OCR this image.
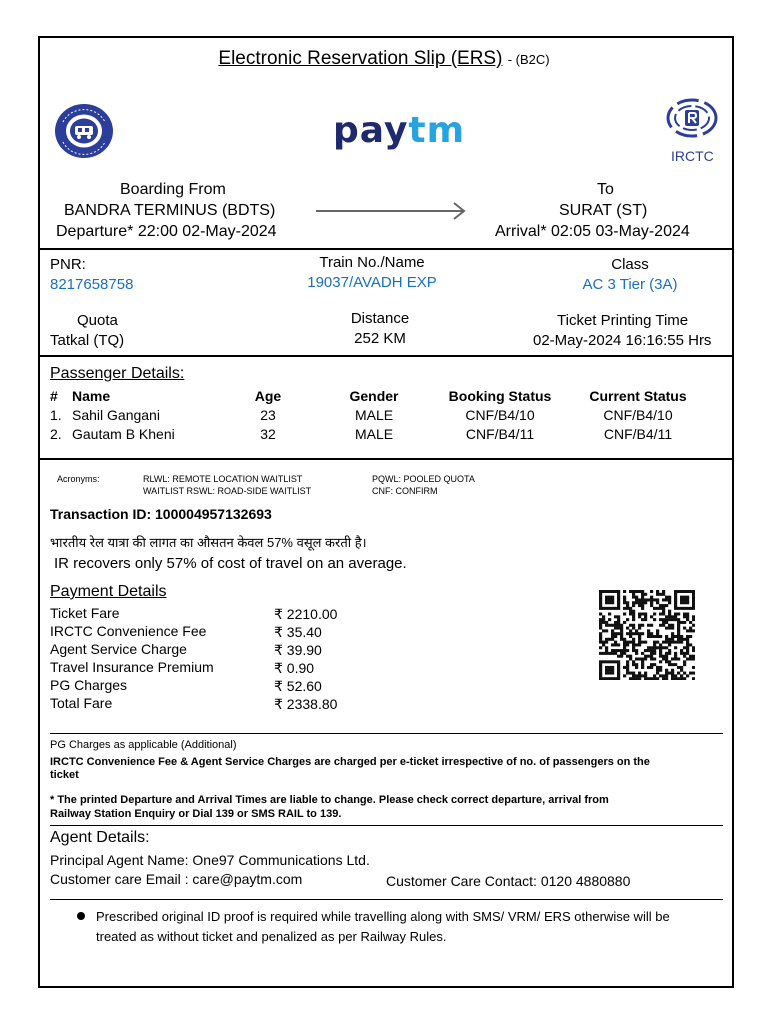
Electronic Reservation Slip (ERS) - (B2C)
paytm
IRCTC
Boarding From
BANDRA TERMINUS (BDTS)
Departure* 22:00 02-May-2024
To
SURAT (ST)
Arrival* 02:05 03-May-2024
PNR:
8217658758
Train No./Name
19037/AVADH EXP
Class
AC 3 Tier (3A)
Quota
Tatkal (TQ)
Distance
252 KM
Ticket Printing Time
02-May-2024 16:16:55 Hrs
Passenger Details:
#	Name	Age	Gender	Booking Status	Current Status
1.	Sahil Gangani	23	MALE	CNF/B4/10	CNF/B4/10
2.	Gautam B Kheni	32	MALE	CNF/B4/11	CNF/B4/11
Acronyms:	RLWL: REMOTE LOCATION WAITLIST
WAITLIST RSWL: ROAD-SIDE WAITLIST
PQWL: POOLED QUOTA
CNF: CONFIRM
Transaction ID: 100004957132693
भारतीय रेल यात्रा की लागत का औसतन केवल 57% वसूल करती है।
IR recovers only 57% of cost of travel on an average.
Payment Details
Ticket Fare	₹ 2210.00
IRCTC Convenience Fee	₹ 35.40
Agent Service Charge	₹ 39.90
Travel Insurance Premium	₹ 0.90
PG Charges	₹ 52.60
Total Fare	₹ 2338.80
PG Charges as applicable (Additional)
IRCTC Convenience Fee & Agent Service Charges are charged per e-ticket irrespective of no. of passengers on the
ticket
* The printed Departure and Arrival Times are liable to change. Please check correct departure, arrival from
Railway Station Enquiry or Dial 139 or SMS RAIL to 139.
Agent Details:
Principal Agent Name: One97 Communications Ltd.
Customer care Email : care@paytm.com	Customer Care Contact: 0120 4880880
Prescribed original ID proof is required while travelling along with SMS/ VRM/ ERS otherwise will be
treated as without ticket and penalized as per Railway Rules.
